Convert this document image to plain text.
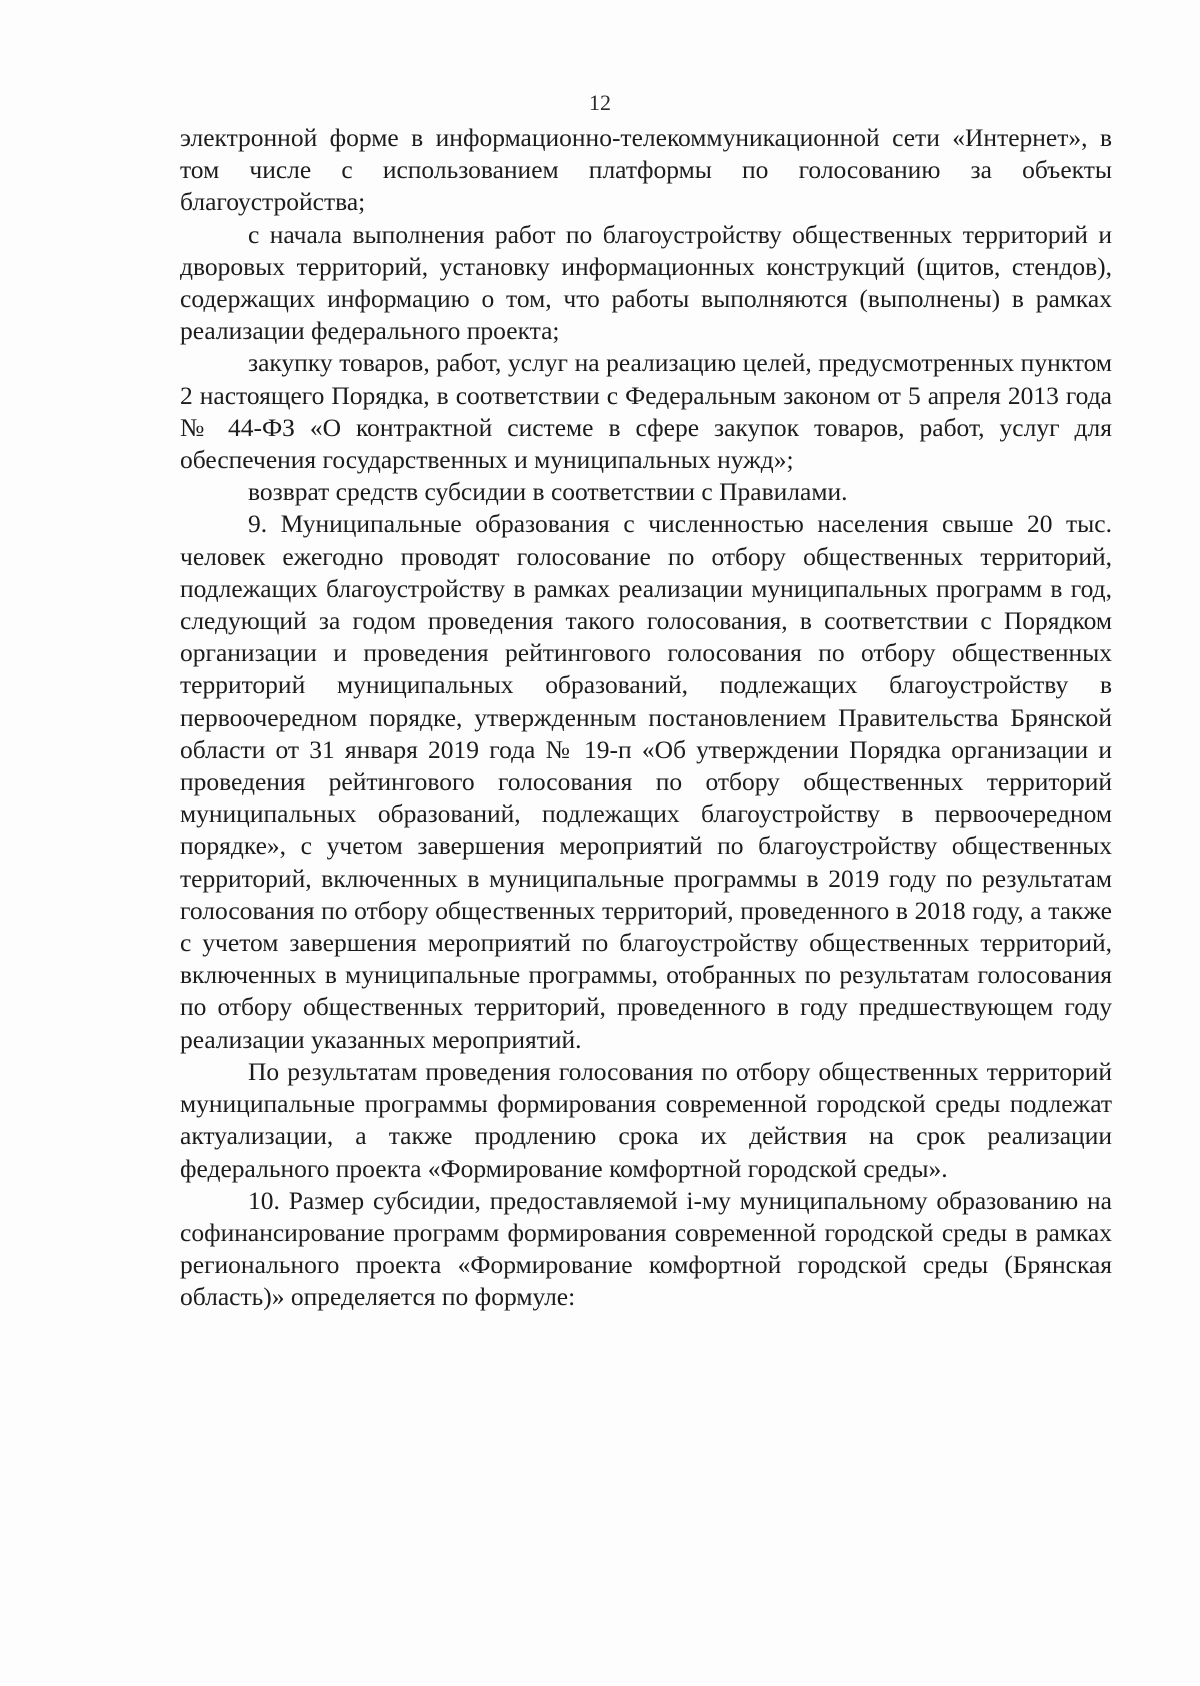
12

электронной форме в информационно-телекоммуникационной сети «Интернет», в том числе с использованием платформы по голосованию за объекты благоустройства;

с начала выполнения работ по благоустройству общественных территорий и дворовых территорий, установку информационных конструкций (щитов, стендов), содержащих информацию о том, что работы выполняются (выполнены) в рамках реализации федерального проекта;

закупку товаров, работ, услуг на реализацию целей, предусмотренных пунктом 2 настоящего Порядка, в соответствии с Федеральным законом от 5 апреля 2013 года № 44-ФЗ «О контрактной системе в сфере закупок товаров, работ, услуг для обеспечения государственных и муниципальных нужд»;

возврат средств субсидии в соответствии с Правилами.

9. Муниципальные образования с численностью населения свыше 20 тыс. человек ежегодно проводят голосование по отбору общественных территорий, подлежащих благоустройству в рамках реализации муниципальных программ в год, следующий за годом проведения такого голосования, в соответствии с Порядком организации и проведения рейтингового голосования по отбору общественных территорий муниципальных образований, подлежащих благоустройству в первоочередном порядке, утвержденным постановлением Правительства Брянской области от 31 января 2019 года № 19-п «Об утверждении Порядка организации и проведения рейтингового голосования по отбору общественных территорий муниципальных образований, подлежащих благоустройству в первоочередном порядке», с учетом завершения мероприятий по благоустройству общественных территорий, включенных в муниципальные программы в 2019 году по результатам голосования по отбору общественных территорий, проведенного в 2018 году, а также с учетом завершения мероприятий по благоустройству общественных территорий, включенных в муниципальные программы, отобранных по результатам голосования по отбору общественных территорий, проведенного в году предшествующем году реализации указанных мероприятий.

По результатам проведения голосования по отбору общественных территорий муниципальные программы формирования современной городской среды подлежат актуализации, а также продлению срока их действия на срок реализации федерального проекта «Формирование комфортной городской среды».

10. Размер субсидии, предоставляемой i-му муниципальному образованию на софинансирование программ формирования современной городской среды в рамках регионального проекта «Формирование комфортной городской среды (Брянская область)» определяется по формуле:
